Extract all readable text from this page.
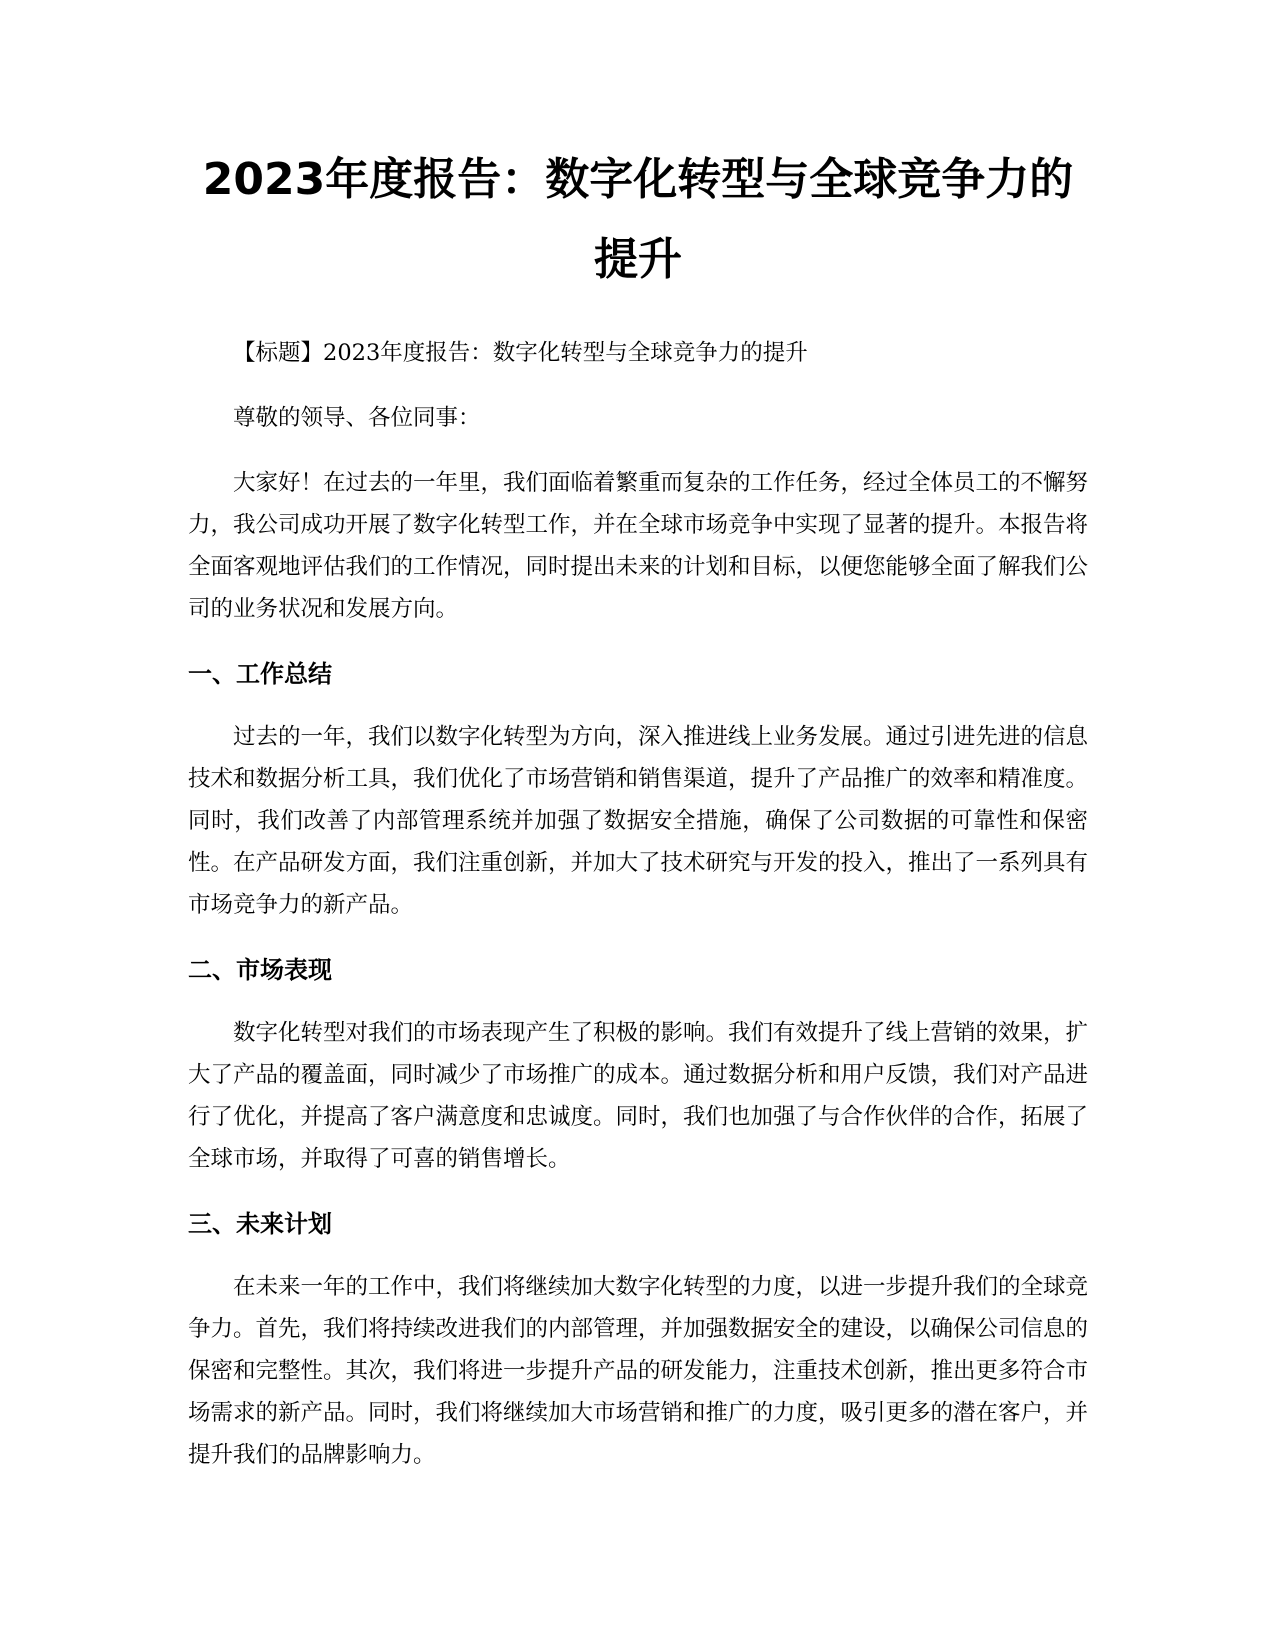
2023年度报告：数字化转型与全球竞争力的提升

【标题】2023年度报告：数字化转型与全球竞争力的提升

尊敬的领导、各位同事：

大家好！在过去的一年里，我们面临着繁重而复杂的工作任务，经过全体员工的不懈努力，我公司成功开展了数字化转型工作，并在全球市场竞争中实现了显著的提升。本报告将全面客观地评估我们的工作情况，同时提出未来的计划和目标，以便您能够全面了解我们公司的业务状况和发展方向。

一、工作总结

过去的一年，我们以数字化转型为方向，深入推进线上业务发展。通过引进先进的信息技术和数据分析工具，我们优化了市场营销和销售渠道，提升了产品推广的效率和精准度。同时，我们改善了内部管理系统并加强了数据安全措施，确保了公司数据的可靠性和保密性。在产品研发方面，我们注重创新，并加大了技术研究与开发的投入，推出了一系列具有市场竞争力的新产品。

二、市场表现

数字化转型对我们的市场表现产生了积极的影响。我们有效提升了线上营销的效果，扩大了产品的覆盖面，同时减少了市场推广的成本。通过数据分析和用户反馈，我们对产品进行了优化，并提高了客户满意度和忠诚度。同时，我们也加强了与合作伙伴的合作，拓展了全球市场，并取得了可喜的销售增长。

三、未来计划

在未来一年的工作中，我们将继续加大数字化转型的力度，以进一步提升我们的全球竞争力。首先，我们将持续改进我们的内部管理，并加强数据安全的建设，以确保公司信息的保密和完整性。其次，我们将进一步提升产品的研发能力，注重技术创新，推出更多符合市场需求的新产品。同时，我们将继续加大市场营销和推广的力度，吸引更多的潜在客户，并提升我们的品牌影响力。
